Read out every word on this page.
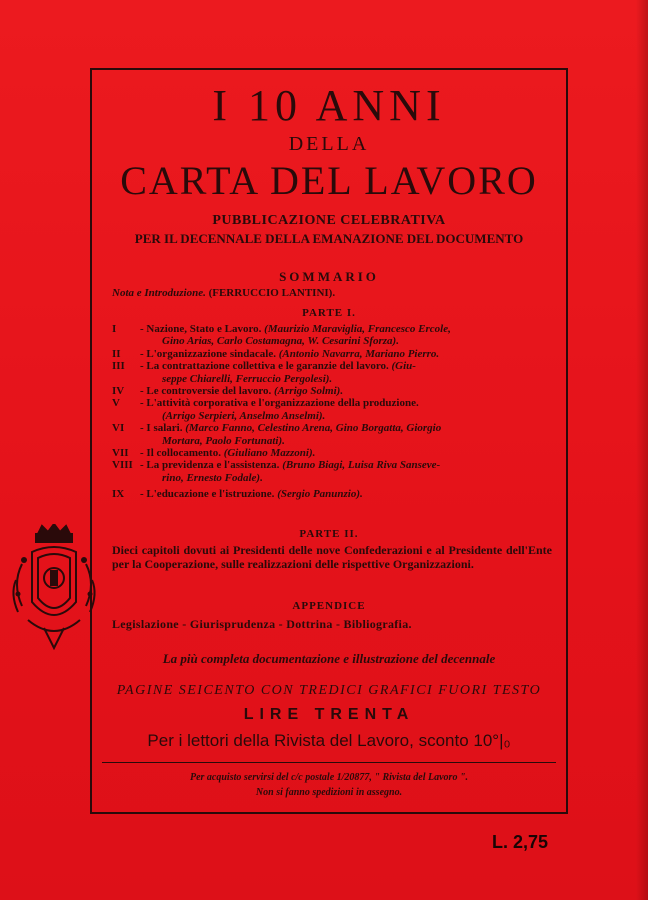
I 10 ANNI
DELLA
CARTA DEL LAVORO
PUBBLICAZIONE CELEBRATIVA
PER IL DECENNALE DELLA EMANAZIONE DEL DOCUMENTO
SOMMARIO
Nota e Introduzione. (FERRUCCIO LANTINI).
PARTE I.
I	- Nazione, Stato e Lavoro. (Maurizio Maraviglia, Francesco Ercole,
Gino Arias, Carlo Costamagna, W. Cesarini Sforza).
II	- L'organizzazione sindacale. (Antonio Navarra, Mariano Pierro.
III	- La contrattazione collettiva e le garanzie del lavoro. (Giu-
seppe Chiarelli, Ferruccio Pergolesi).
IV	- Le controversie del lavoro. (Arrigo Solmi).
V	- L'attività corporativa e l'organizzazione della produzione.
(Arrigo Serpieri, Anselmo Anselmi).
VI	- I salari. (Marco Fanno, Celestino Arena, Gino Borgatta, Giorgio
Mortara, Paolo Fortunati).
VII	- Il collocamento. (Giuliano Mazzoni).
VIII - La previdenza e l'assistenza. (Bruno Biagi, Luisa Riva Sanseve-
rino, Ernesto Fodale).
IX	- L'educazione e l'istruzione. (Sergio Panunzio).
PARTE II.
Dieci capitoli dovuti ai Presidenti delle nove Confederazioni e al Presidente dell'Ente per la Cooperazione, sulle realizzazioni delle rispettive Organizzazioni.
APPENDICE
Legislazione - Giurisprudenza - Dottrina - Bibliografia.
La più completa documentazione e illustrazione del decennale
PAGINE SEICENTO CON TREDICI GRAFICI FUORI TESTO
LIRE TRENTA
Per i lettori della Rivista del Lavoro, sconto 10°|₀
Per acquisto servirsi del c/c postale 1/20877, " Rivista del Lavoro ".
Non si fanno spedizioni in assegno.
L. 2,75
